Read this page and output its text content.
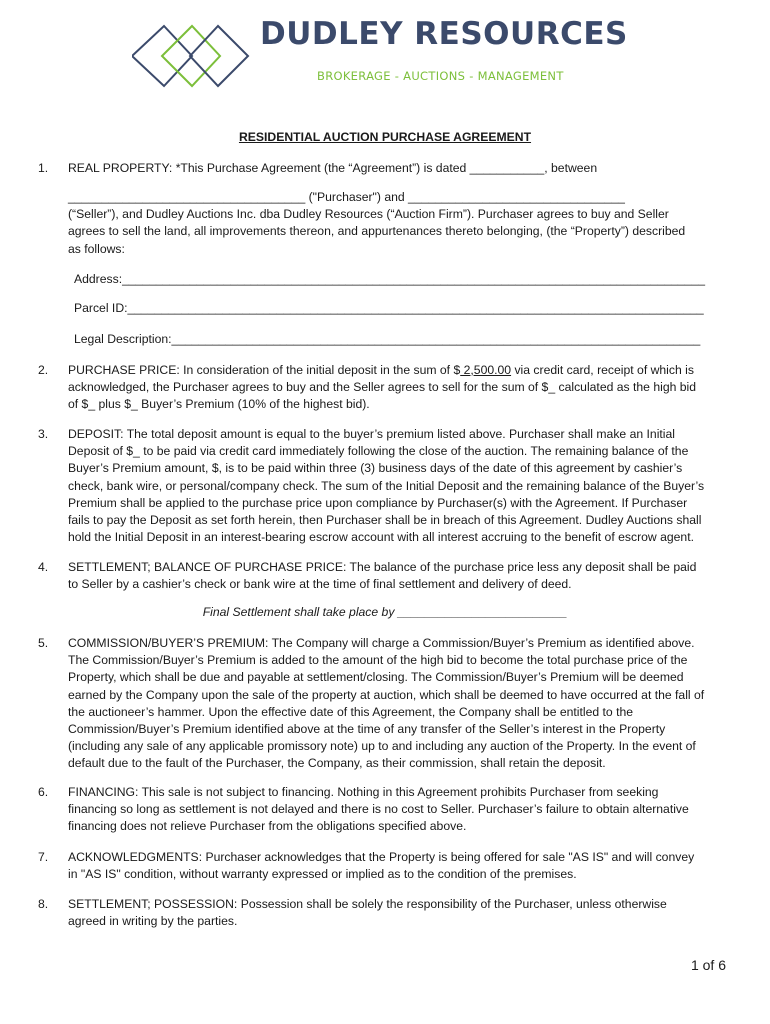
DUDLEY RESOURCES
BROKERAGE - AUCTIONS - MANAGEMENT
RESIDENTIAL AUCTION PURCHASE AGREEMENT
1. REAL PROPERTY: *This Purchase Agreement (the “Agreement”) is dated ___________, between
___________________________________ ("Purchaser") and ________________________________
(“Seller”), and Dudley Auctions Inc. dba Dudley Resources (“Auction Firm”). Purchaser agrees to buy and Seller
agrees to sell the land, all improvements thereon, and appurtenances thereto belonging, (the “Property”) described
as follows:
Address:______________________________________________________________________________________
Parcel ID:_____________________________________________________________________________________
Legal Description:______________________________________________________________________________
2. PURCHASE PRICE: In consideration of the initial deposit in the sum of $ 2,500.00 via credit card, receipt of which is
acknowledged, the Purchaser agrees to buy and the Seller agrees to sell for the sum of $_ calculated as the high bid
of $_ plus $_ Buyer’s Premium (10% of the highest bid).
3. DEPOSIT: The total deposit amount is equal to the buyer’s premium listed above. Purchaser shall make an Initial
Deposit of $_ to be paid via credit card immediately following the close of the auction. The remaining balance of the
Buyer’s Premium amount, $, is to be paid within three (3) business days of the date of this agreement by cashier’s
check, bank wire, or personal/company check. The sum of the Initial Deposit and the remaining balance of the Buyer’s
Premium shall be applied to the purchase price upon compliance by Purchaser(s) with the Agreement. If Purchaser
fails to pay the Deposit as set forth herein, then Purchaser shall be in breach of this Agreement. Dudley Auctions shall
hold the Initial Deposit in an interest-bearing escrow account with all interest accruing to the benefit of escrow agent.
4. SETTLEMENT; BALANCE OF PURCHASE PRICE: The balance of the purchase price less any deposit shall be paid
to Seller by a cashier’s check or bank wire at the time of final settlement and delivery of deed.
Final Settlement shall take place by _________________________
5. COMMISSION/BUYER’S PREMIUM: The Company will charge a Commission/Buyer’s Premium as identified above.
The Commission/Buyer’s Premium is added to the amount of the high bid to become the total purchase price of the
Property, which shall be due and payable at settlement/closing. The Commission/Buyer’s Premium will be deemed
earned by the Company upon the sale of the property at auction, which shall be deemed to have occurred at the fall of
the auctioneer’s hammer. Upon the effective date of this Agreement, the Company shall be entitled to the
Commission/Buyer’s Premium identified above at the time of any transfer of the Seller’s interest in the Property
(including any sale of any applicable promissory note) up to and including any auction of the Property. In the event of
default due to the fault of the Purchaser, the Company, as their commission, shall retain the deposit.
6. FINANCING: This sale is not subject to financing. Nothing in this Agreement prohibits Purchaser from seeking
financing so long as settlement is not delayed and there is no cost to Seller. Purchaser’s failure to obtain alternative
financing does not relieve Purchaser from the obligations specified above.
7. ACKNOWLEDGMENTS: Purchaser acknowledges that the Property is being offered for sale "AS IS" and will convey
in "AS IS" condition, without warranty expressed or implied as to the condition of the premises.
8. SETTLEMENT; POSSESSION: Possession shall be solely the responsibility of the Purchaser, unless otherwise
agreed in writing by the parties.
1 of 6
